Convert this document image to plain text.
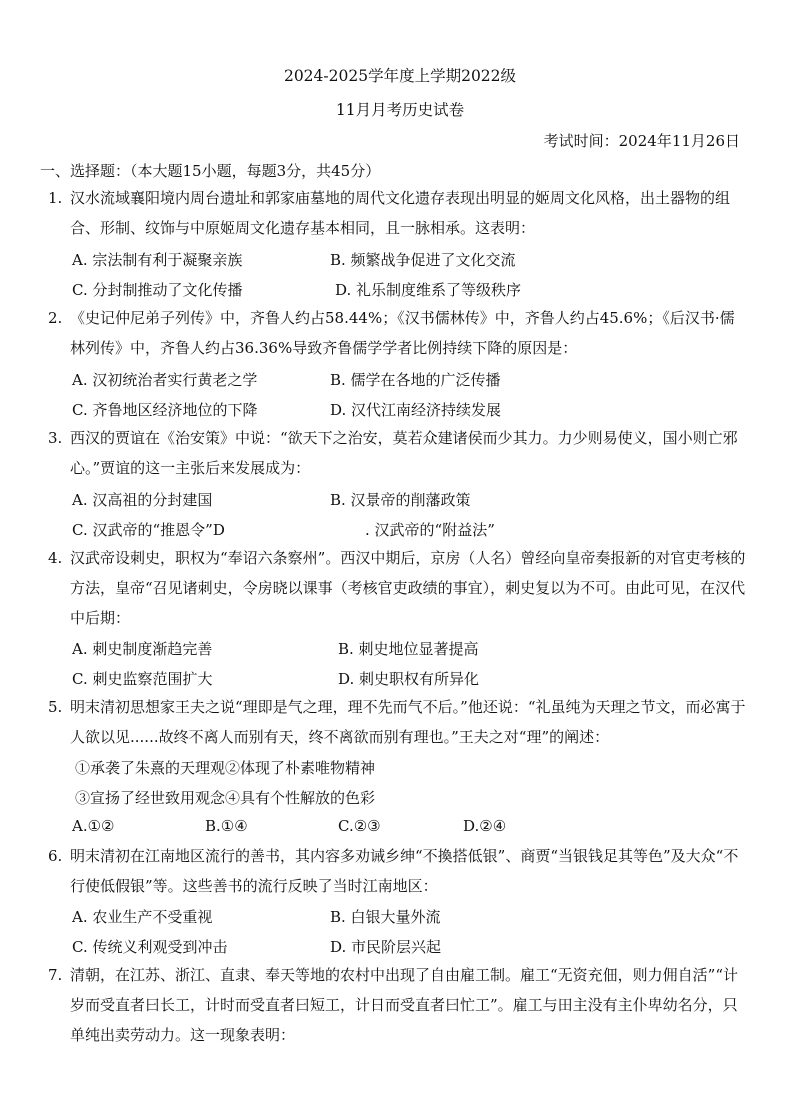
2024-2025学年度上学期2022级
11月月考历史试卷
考试时间：2024年11月26日
一、选择题：（本大题15小题，每题3分，共45分）
1. 汉水流域襄阳境内周台遗址和郭家庙墓地的周代文化遗存表现出明显的姬周文化风格，出土器物的组合、形制、纹饰与中原姬周文化遗存基本相同，且一脉相承。这表明：
A. 宗法制有利于凝聚亲族	B. 频繁战争促进了文化交流
C. 分封制推动了文化传播	D. 礼乐制度维系了等级秩序
2. 《史记仲尼弟子列传》中，齐鲁人约占58.44%；《汉书儒林传》中，齐鲁人约占45.6%；《后汉书·儒林列传》中，齐鲁人约占36.36%导致齐鲁儒学学者比例持续下降的原因是：
A. 汉初统治者实行黄老之学	B. 儒学在各地的广泛传播
C. 齐鲁地区经济地位的下降	D. 汉代江南经济持续发展
3. 西汉的贾谊在《治安策》中说：“欲天下之治安，莫若众建诸侯而少其力。力少则易使义，国小则亡邪心。”贾谊的这一主张后来发展成为：
A. 汉高祖的分封建国	B. 汉景帝的削藩政策
C. 汉武帝的“推恩令”D	. 汉武帝的“附益法”
4. 汉武帝设刺史，职权为“奉诏六条察州”。西汉中期后，京房（人名）曾经向皇帝奏报新的对官吏考核的方法，皇帝“召见诸刺史，令房晓以课事（考核官吏政绩的事宜），刺史复以为不可。由此可见，在汉代中后期：
A. 刺史制度渐趋完善	B. 刺史地位显著提高
C. 刺史监察范围扩大	D. 刺史职权有所异化
5. 明末清初思想家王夫之说“理即是气之理，理不先而气不后。”他还说：“礼虽纯为天理之节文，而必寓于人欲以见......故终不离人而别有天，终不离欲而别有理也。”王夫之对“理”的阐述：
①承袭了朱熹的天理观②体现了朴素唯物精神
③宣扬了经世致用观念④具有个性解放的色彩
A.①②	B.①④	C.②③	D.②④
6. 明末清初在江南地区流行的善书，其内容多劝诫乡绅“不換搭低银”、商贾“当银钱足其等色”及大众“不行使低假银”等。这些善书的流行反映了当时江南地区：
A. 农业生产不受重视	B. 白银大量外流
C. 传统义利观受到冲击	D. 市民阶层兴起
7. 清朝，在江苏、浙江、直隶、奉天等地的农村中出现了自由雇工制。雇工“无资充佃，则力佣自活”“计岁而受直者曰长工，计时而受直者曰短工，计日而受直者曰忙工”。雇工与田主没有主仆卑幼名分，只单纯出卖劳动力。这一现象表明：
